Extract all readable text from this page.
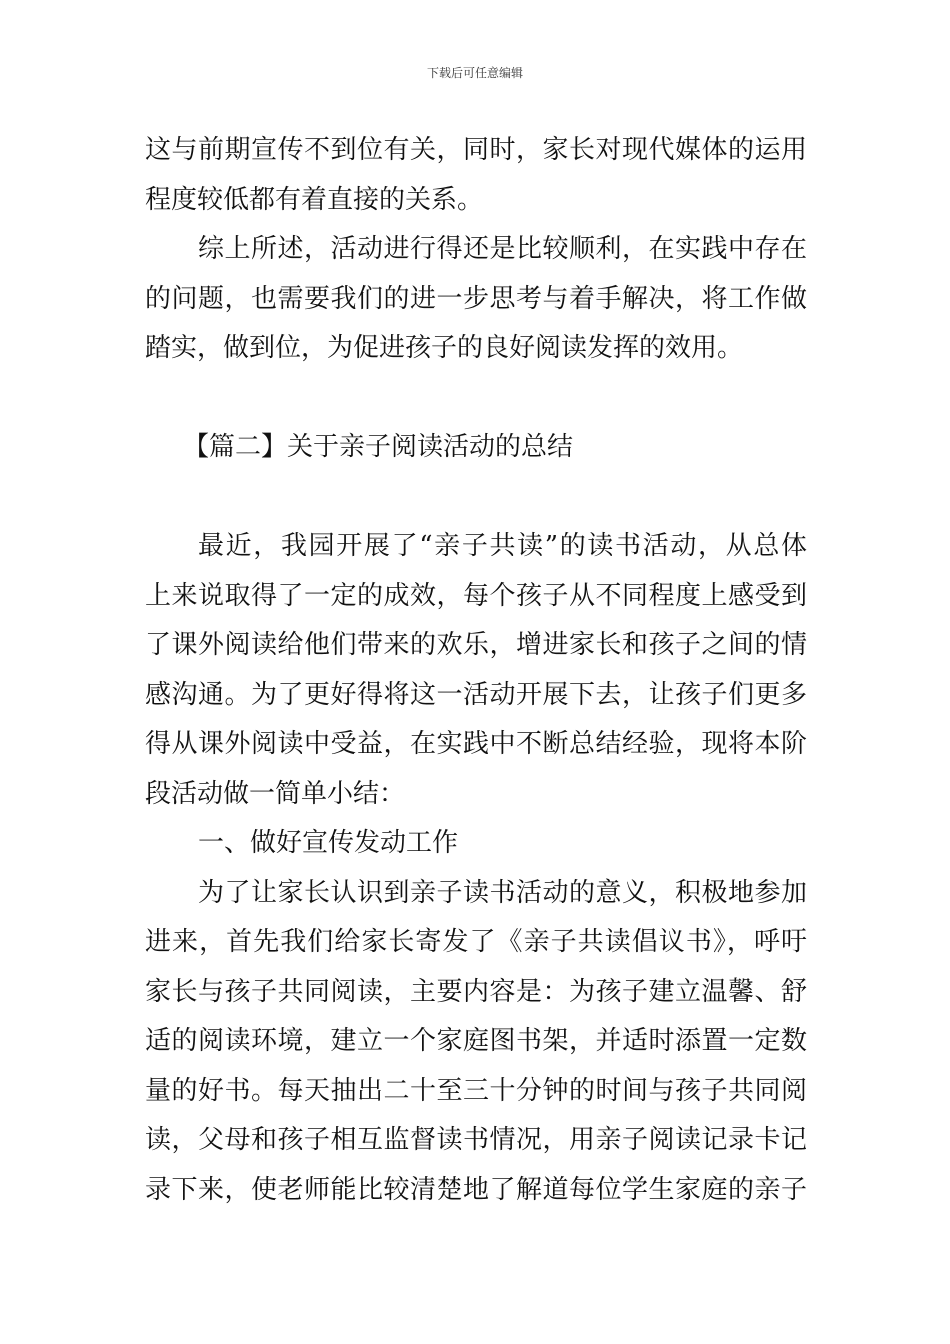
下载后可任意编辑
这与前期宣传不到位有关，同时，家长对现代媒体的运用
程度较低都有着直接的关系。
综上所述，活动进行得还是比较顺利，在实践中存在
的问题，也需要我们的进一步思考与着手解决，将工作做
踏实，做到位，为促进孩子的良好阅读发挥的效用。
【篇二】关于亲子阅读活动的总结
最近，我园开展了“亲子共读”的读书活动，从总体
上来说取得了一定的成效，每个孩子从不同程度上感受到
了课外阅读给他们带来的欢乐，增进家长和孩子之间的情
感沟通。为了更好得将这一活动开展下去，让孩子们更多
得从课外阅读中受益，在实践中不断总结经验，现将本阶
段活动做一简单小结：
一、做好宣传发动工作
为了让家长认识到亲子读书活动的意义，积极地参加
进来，首先我们给家长寄发了《亲子共读倡议书》，呼吁
家长与孩子共同阅读，主要内容是：为孩子建立温馨、舒
适的阅读环境，建立一个家庭图书架，并适时添置一定数
量的好书。每天抽出二十至三十分钟的时间与孩子共同阅
读，父母和孩子相互监督读书情况，用亲子阅读记录卡记
录下来，使老师能比较清楚地了解道每位学生家庭的亲子
